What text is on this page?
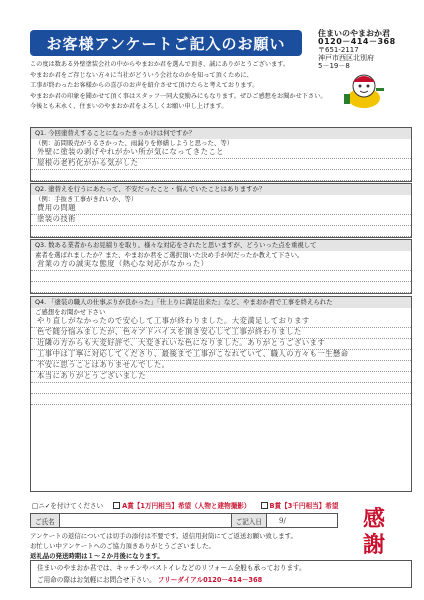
お客様アンケートご記入のお願い
住まいのやまおか君
0120－414－368
〒651-2117
神戸市西区北別府
5－19－8
この度は数ある外壁塗装会社の中からやまおか君を選んで頂き、誠にありがとうございます。
やまおか君をご存じない方々に当社がどういう会社なのかを知って頂くために、
工事が終わったお客様からの喜びのお声を紹介させて頂けたらと考えております。
やまおか君の印象を聞かせて頂く事はスタッフ一同大変励みにもなります。ぜひご感想をお聞かせ下さい。
今後とも末永く、住まいのやまおか君をよろしくお願い申し上げます。
Q1. 今回塗替えすることになったきっかけは何ですか？
（例：訪問販売がうるさかった、雨漏りを修繕しようと思った、等）
外壁に塗装の剥げやれがかい所が気になってきたこと
屋根の老朽化がかる気がした
Q2. 塗替えを行うにあたって、不安だったこと・悩んでいたことはありますか？
（例：手抜き工事がきれいか、等）
費用の問題
塗装の技術
Q3. 数ある業者からお見積りを取り、様々な対応をされたと思いますが、どういった点を重視して
素者を選ばれましたか？また、やまおか君をご選択頂いた決め手が何だったか教えて下さい。
営業の方の誠実な態度（熱心な対応がなかった）
Q4. 「塗装の職人の仕事ぶりが良かった」「仕上りに満足出来た」など、やまおか君で工事を終えられた
ご感想をお聞かせ下さい
やり直しがなかったので安心して工事が終わりました。大変満足しております
色で随分悩みましたが、色々アドバイスを頂き安心して工事が終わりました
近隣の方からも大変好評で、大変きれいな色になりました。ありがとうございます
工事中は丁寧に対応してくださり、最後まで工事がこなれていて、職人の方々も一生懸命
不安に思うことはありませんでした。
本当にありがとうございました
□ニ✓を付けてください	A賞【1万円相当】希望（人物と建物撮影）	B賞【3千円相当】希望
ご氏名	ご記入日	9/
アンケートの返信については切手の添付は不要です。返信用封筒にてご返送お願い致します。
お忙しい中アンケートへのご協力頂きありがとうございました。
返礼品の発送時期は１～２か月後になります。
感
謝
住まいのやまおか君では、キッチンやバストイレなどのリフォーム全般も承っております。
ご用命の際はお気軽にお問合せ下さい。 フリーダイアル0120－414－368
